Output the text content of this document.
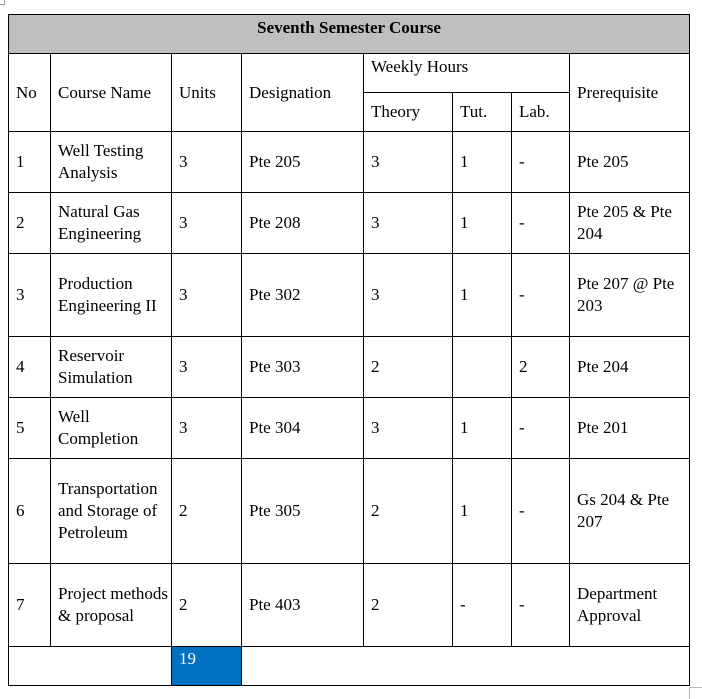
Seventh Semester Course							
No	Course Name	Units	Designation	Weekly Hours			Prerequisite
				Theory	Tut.	Lab.	
1	Well Testing Analysis	3	Pte 205	3	1	-	Pte 205
2	Natural Gas Engineering	3	Pte 208	3	1	-	Pte 205 & Pte 204
3	Production Engineering II	3	Pte 302	3	1	-	Pte 207 @ Pte 203
4	Reservoir Simulation	3	Pte 303	2		2	Pte 204
5	Well Completion	3	Pte 304	3	1	-	Pte 201
6	Transportation and Storage of Petroleum	2	Pte 305	2	1	-	Gs 204 & Pte 207
7	Project methods & proposal	2	Pte 403	2	-	-	Department Approval
		19					
